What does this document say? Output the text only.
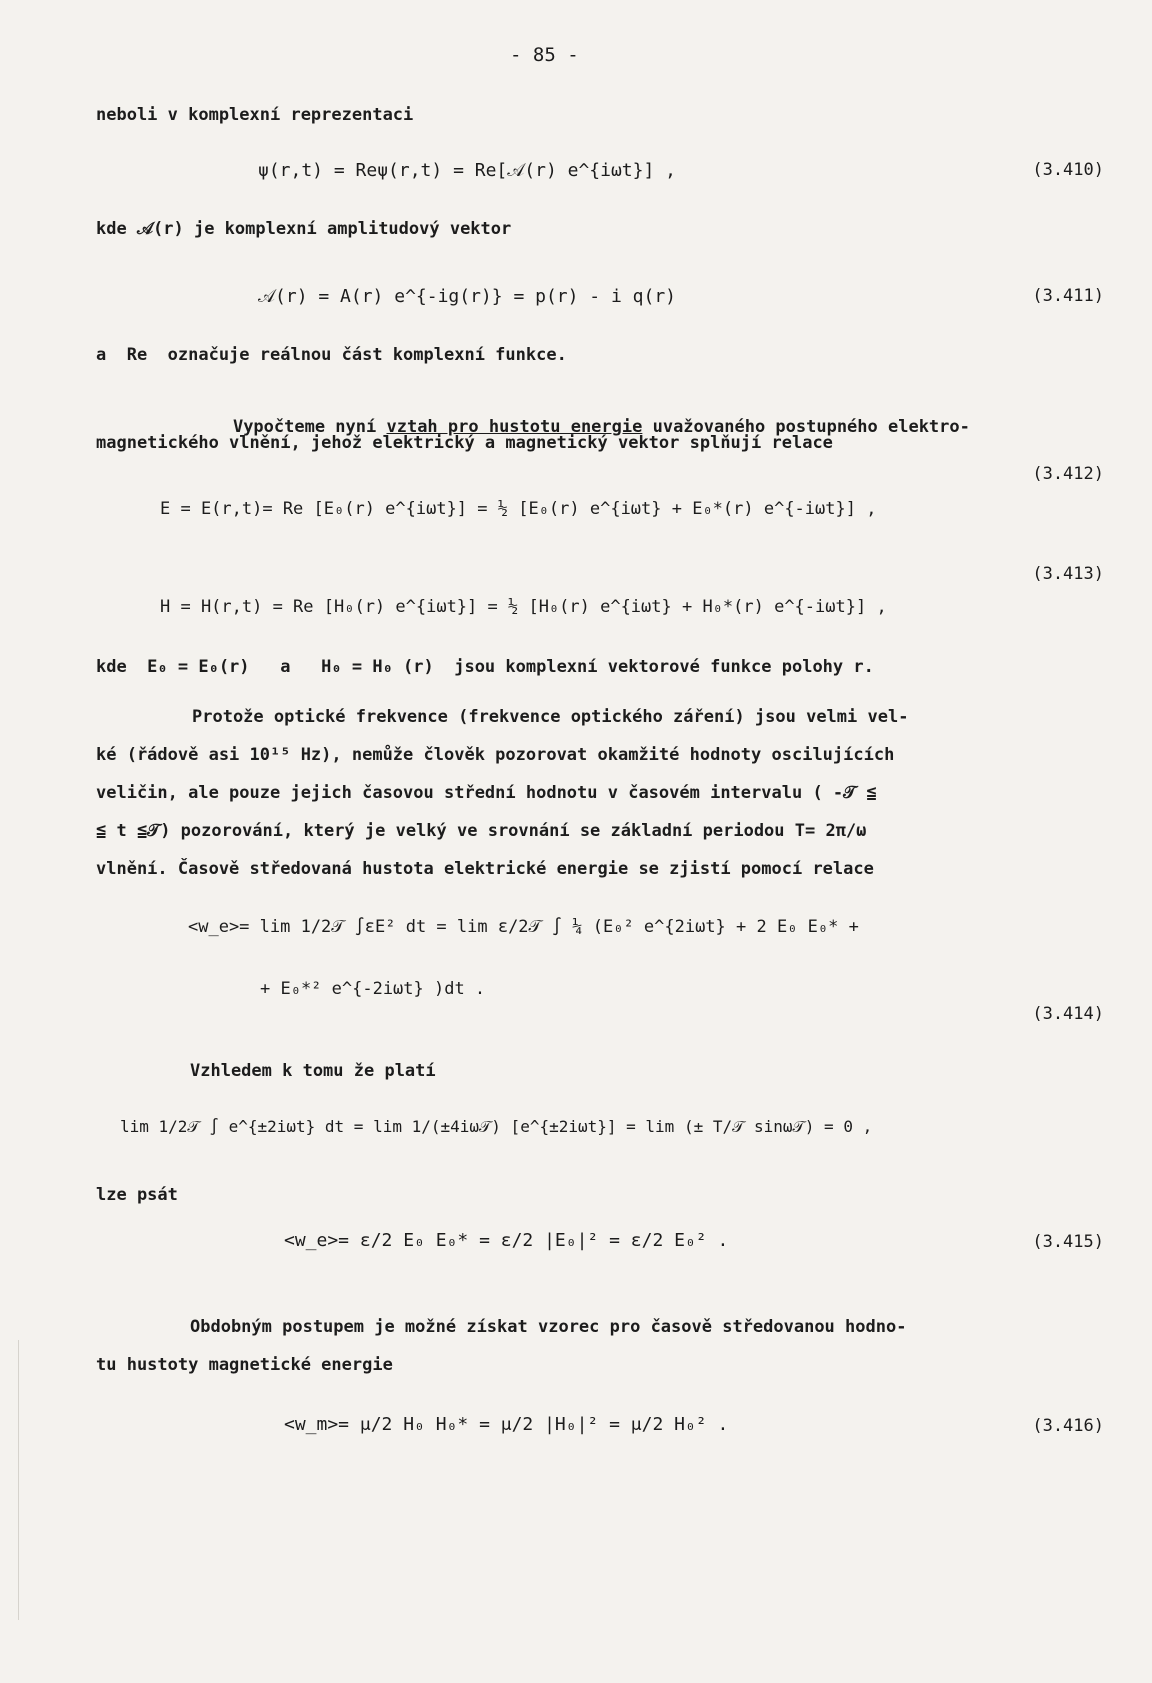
- 85 -
neboli v komplexní reprezentaci
ψ(r,t) = Reψ(r,t) = Re[𝒜(r) e^{iωt}] ,	(3.410)
kde 𝒜(r) je komplexní amplitudový vektor
𝒜(r) = A(r) e^{-ig(r)} = p(r) - i q(r)	(3.411)
a  Re  označuje reálnou část komplexní funkce.

Vypočteme nyní vztah pro hustotu energie uvažovaného postupného elektro-

magnetického vlnění, jehož elektrický a magnetický vektor splňují relace
(3.412)
E = E(r,t)= Re [E₀(r) e^{iωt}] = ½ [E₀(r) e^{iωt} + E₀*(r) e^{-iωt}] ,
(3.413)
H = H(r,t) = Re [H₀(r) e^{iωt}] = ½ [H₀(r) e^{iωt} + H₀*(r) e^{-iωt}] ,
kde  E₀ = E₀(r)   a   H₀ = H₀ (r)  jsou komplexní vektorové funkce polohy r.
Protože optické frekvence (frekvence optického záření) jsou velmi vel-
ké (řádově asi 10¹⁵ Hz), nemůže člověk pozorovat okamžité hodnoty oscilujících
veličin, ale pouze jejich časovou střední hodnotu v časovém intervalu ( -𝒯 ≦
≦ t ≦𝒯) pozorování, který je velký ve srovnání se základní periodou T= 2π/ω
vlnění. Časově středovaná hustota elektrické energie se zjistí pomocí relace
<w_e>= lim 1/2𝒯 ∫εE² dt = lim ε/2𝒯 ∫ ¼ (E₀² e^{2iωt} + 2 E₀ E₀* +
+ E₀*² e^{-2iωt} )dt .
(3.414)
Vzhledem k tomu že platí
lim 1/2𝒯 ∫ e^{±2iωt} dt = lim 1/(±4iω𝒯) [e^{±2iωt}] = lim (± T/𝒯 sinω𝒯) = 0 ,
lze psát
<w_e>= ε/2 E₀ E₀* = ε/2 |E₀|² = ε/2 E₀² .	(3.415)
Obdobným postupem je možné získat vzorec pro časově středovanou hodno-
tu hustoty magnetické energie
<w_m>= μ/2 H₀ H₀* = μ/2 |H₀|² = μ/2 H₀² .	(3.416)
